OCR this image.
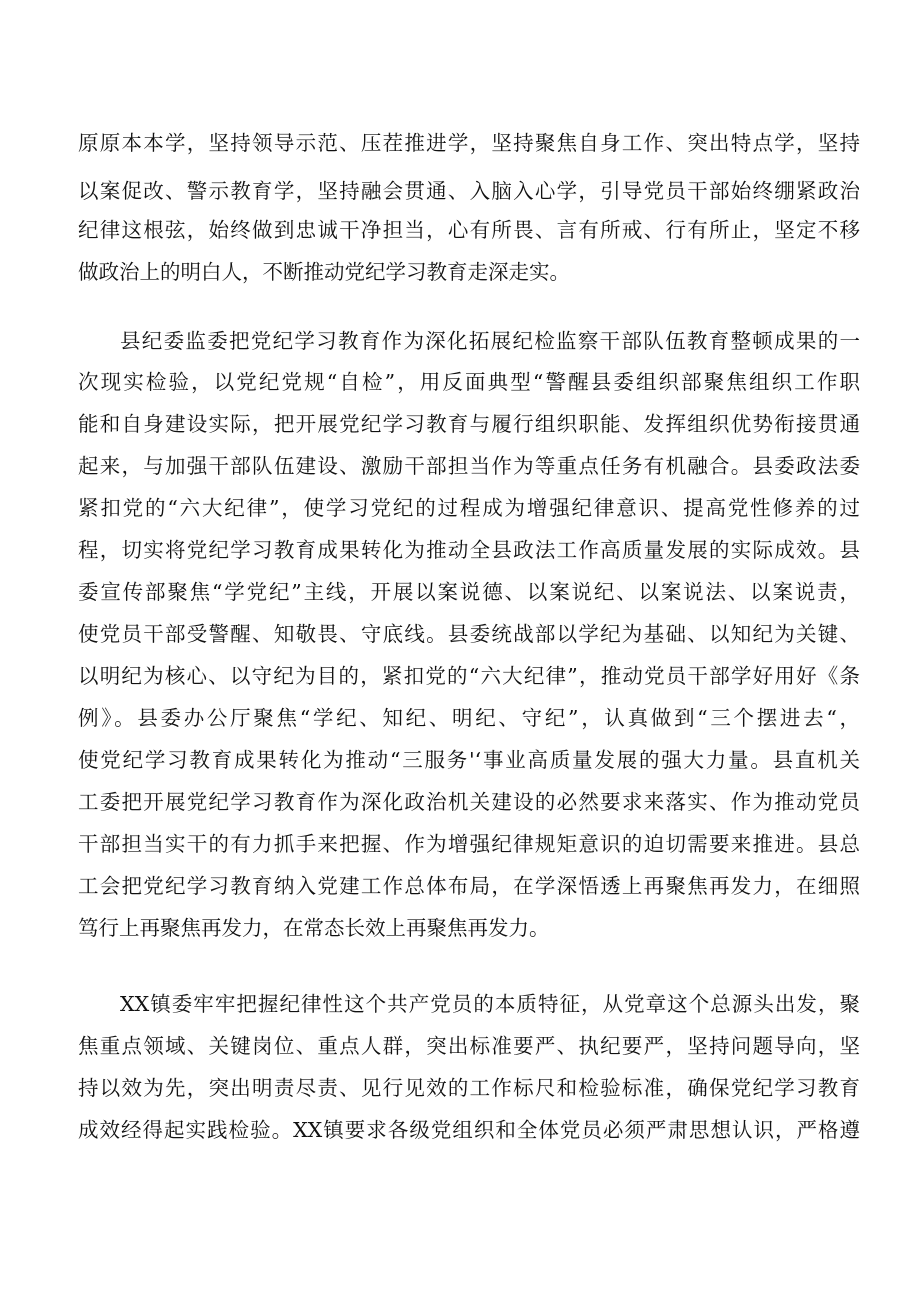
原原本本学，坚持领导示范、压茬推进学，坚持聚焦自身工作、突出特点学，坚持
以案促改、警示教育学，坚持融会贯通、入脑入心学，引导党员干部始终绷紧政治
纪律这根弦，始终做到忠诚干净担当，心有所畏、言有所戒、行有所止，坚定不移
做政治上的明白人，不断推动党纪学习教育走深走实。
县纪委监委把党纪学习教育作为深化拓展纪检监察干部队伍教育整顿成果的一
次现实检验，以党纪党规“自检”，用反面典型“警醒县委组织部聚焦组织工作职
能和自身建设实际，把开展党纪学习教育与履行组织职能、发挥组织优势衔接贯通
起来，与加强干部队伍建设、激励干部担当作为等重点任务有机融合。县委政法委
紧扣党的“六大纪律”，使学习党纪的过程成为增强纪律意识、提高党性修养的过
程，切实将党纪学习教育成果转化为推动全县政法工作高质量发展的实际成效。县
委宣传部聚焦“学党纪”主线，开展以案说德、以案说纪、以案说法、以案说责，
使党员干部受警醒、知敬畏、守底线。县委统战部以学纪为基础、以知纪为关键、
以明纪为核心、以守纪为目的，紧扣党的“六大纪律”，推动党员干部学好用好《条
例》。县委办公厅聚焦“学纪、知纪、明纪、守纪”，认真做到“三个摆进去“，
使党纪学习教育成果转化为推动“三服务'‘事业高质量发展的强大力量。县直机关
工委把开展党纪学习教育作为深化政治机关建设的必然要求来落实、作为推动党员
干部担当实干的有力抓手来把握、作为增强纪律规矩意识的迫切需要来推进。县总
工会把党纪学习教育纳入党建工作总体布局，在学深悟透上再聚焦再发力，在细照
笃行上再聚焦再发力，在常态长效上再聚焦再发力。
XX镇委牢牢把握纪律性这个共产党员的本质特征，从党章这个总源头出发，聚
焦重点领域、关键岗位、重点人群，突出标准要严、执纪要严，坚持问题导向，坚
持以效为先，突出明责尽责、见行见效的工作标尺和检验标准，确保党纪学习教育
成效经得起实践检验。XX镇要求各级党组织和全体党员必须严肃思想认识，严格遵
